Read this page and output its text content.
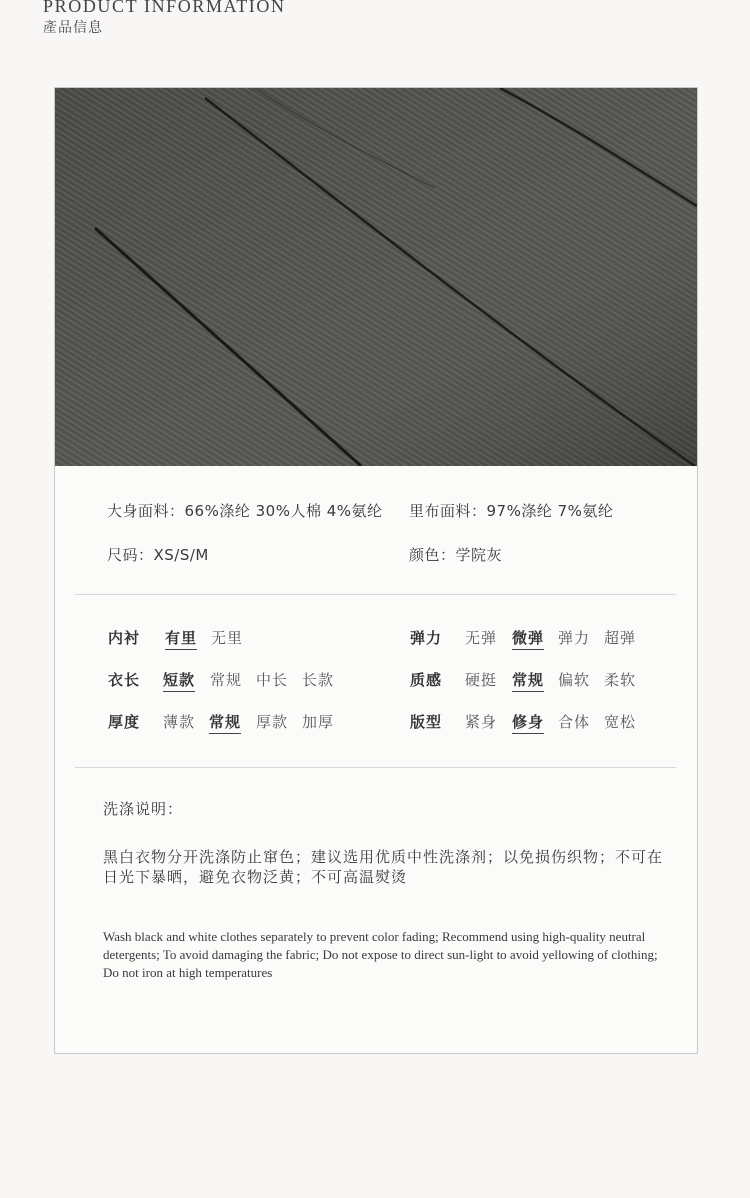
PRODUCT INFORMATION
產品信息
大身面料：66%涤纶 30%人棉 4%氨纶 里布面料：97%涤纶 7%氨纶
尺码：XS/S/M	颜色：学院灰
内衬 有里 无里
衣长 短款 常规 中长 长款
厚度 薄款 常规 厚款 加厚
弹力 无弹 微弹 弹力 超弹
质感 硬挺 常规 偏软 柔软
版型 紧身 修身 合体 宽松
洗涤说明：
黑白衣物分开洗涤防止窜色；建议选用优质中性洗涤剂；以免损伤织物；不可在日光下暴晒，避免衣物泛黄；不可高温熨烫
Wash black and white clothes separately to prevent color fading; Recommend using high-quality neutral detergents; To avoid damaging the fabric; Do not expose to direct sun-light to avoid yellowing of clothing; Do not iron at high temperatures
